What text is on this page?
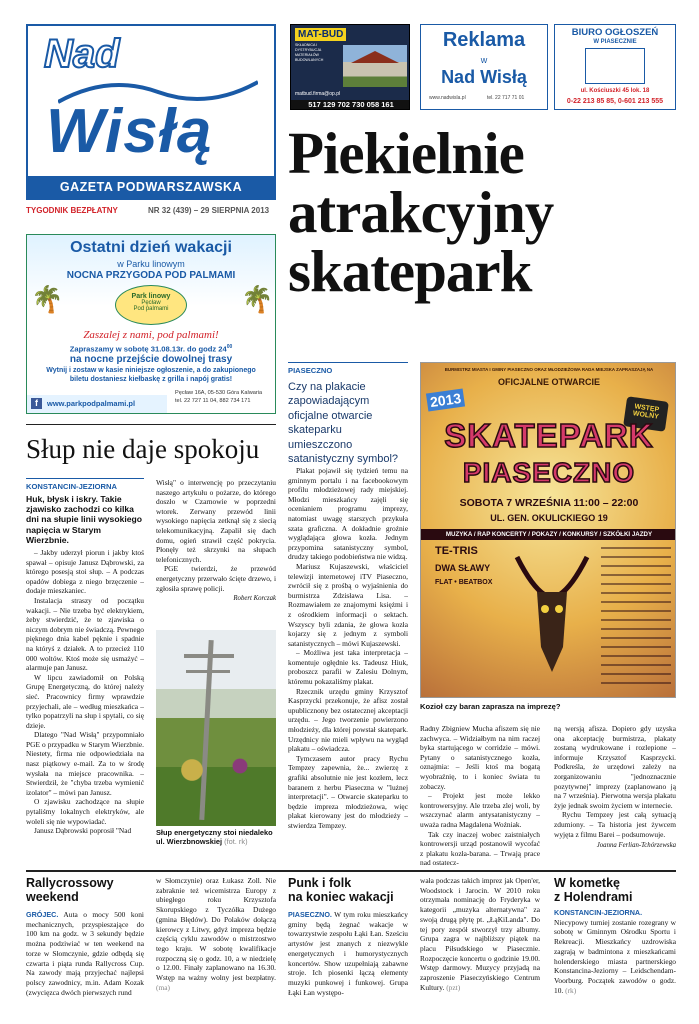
Nad
Wisłą
GAZETA PODWARSZAWSKA
TYGODNIK BEZPŁATNY	NR 32 (439) – 29 SIERPNIA 2013
MAT-BUD
SKŁADNICA I DYSTRYBUCJA MATERIAŁÓW BUDOWLANYCH
matbud.firma@op.pl
517 129 702 730 058 161
Reklama
w
Nad Wisłą
www.nadwisla.pl	tel. 22 717 71 01
BIURO OGŁOSZEŃ
W PIASECZNIE
ul. Kościuszki 45 lok. 18
0-22 213 85 85, 0-601 213 555
Piekielnie
atrakcyjny
skatepark
Ostatni dzień wakacji
w Parku linowym
NOCNA PRZYGODA POD PALMAMI
🌴	🌴
Park linowy
Pęcław
Pod palmami
Zaszalej z nami, pod palmami!
Zapraszamy w sobotę 31.08.13r. do godz $24^{00}$
na nocne przejście dowolnej trasy
Wytnij i zostaw w kasie niniejsze ogłoszenie, a do zakupionego
biletu dostaniesz kiełbaskę z grilla i napój gratis!
Pęcław 16A, 05-530 Góra Kalwaria
tel. 22 727 11 04, 882 734 171
f	www.parkpodpalmami.pl
Słup nie daje spokoju
KONSTANCIN-JEZIORNA
Huk, błysk i iskry. Takie zjawisko zachodzi co kilka dni na słupie linii wysokiego napięcia w Starym Wierzbnie.

– Jakby uderzył piorun i jakby ktoś spawał – opisuje Janusz Dąbrowski, za którego posesją stoi słup. – A podczas opadów dobiega z niego brzęczenie – dodaje mieszkaniec.

Instalacja straszy od początku wakacji. – Nie trzeba być elektrykiem, żeby stwierdzić, że te zjawiska o niczym dobrym nie świadczą. Pewnego pięknego dnia kabel pęknie i spadnie na któryś z działek. A to przecież 110 000 woltów. Ktoś może się usmażyć – alarmuje pan Janusz.

W lipcu zawiadomił on Polską Grupę Energetyczną, do której należy sieć. Pracownicy firmy wprawdzie przyjechali, ale – według mieszkańca – tylko popatrzyli na słup i spytali, co się dzieje.

Dlatego "Nad Wisłą" przypomniało PGE o przypadku w Starym Wierzbnie. Niestety, firma nie odpowiedziała na nasz piątkowy e-mail. Za to w środę wysłała na miejsce pracownika. – Stwierdził, że "chyba trzeba wymienić izolator" – mówi pan Janusz.

O zjawisku zachodzące na słupie pytaliśmy lokalnych elektryków, ale woleli się nie wypowiadać.

Janusz Dąbrowski poprosił "Nad

Wisłą" o interwencję po przeczytaniu naszego artykułu o pożarze, do którego doszło w Czarnowie w poprzedni wtorek. Zerwany przewód linii wysokiego napięcia zetknął się z siecią telekomunikacyjną. Zapalił się dach domu, ogień strawił część pokrycia. Płonęły też skrzynki na słupach telefonicznych.

PGE twierdzi, że przewód energetyczny przerwało ścięte drzewo, i zgłosiła sprawę policji.

Robert Korczak
Słup energetyczny stoi niedaleko ul. Wierzbnowskiej (fot. rk)
PIASECZNO
Czy na plakacie zapowiadającym oficjalne otwarcie skateparku umieszczono satanistyczny symbol?

Plakat pojawił się tydzień temu na gminnym portalu i na facebookowym profilu młodzieżowej rady miejskiej. Młodzi mieszkańcy zajęli się ocenianiem programu imprezy, natomiast uwagę starszych przykuła szata graficzna. A dokładnie groźnie wyglądająca głowa kozła. Jednym przypomina satanistyczny symbol, drudzy takiego podobieństwa nie widzą.

Mariusz Kujaszewski, właściciel telewizji internetowej iTV Piaseczno, zwrócił się z prośbą o wyjaśnienia do burmistrza Zdzisława Lisa. – Rozmawiałem ze znajomymi księżmi i z ośrodkiem informacji o sektach. Wszyscy byli zdania, że głowa kozła kojarzy się z jednym z symboli satanistycznych – mówi Kujaszewski.

– Możliwa jest taka interpretacja – komentuje ogłędnie ks. Tadeusz Hiuk, proboszcz parafii w Zalesiu Dolnym, któremu pokazaliśmy plakat.

Rzecznik urzędu gminy Krzysztof Kasprzycki przekonuje, że afisz został upublicznony bez ostatecznej akceptacji urzędu. – Jego tworzenie powierzono młodzieży, dla której powstał skatepark. Urzędnicy nie mieli wpływu na wygląd plakatu – oświadcza.

Tymczasem autor pracy Rychu Tempzey zapewnia, że... zwierzę z grafiki absolutnie nie jest kozłem, lecz baranem z herbu Piaseczna w "lużnej interpretacji". – Otwarcie skateparku to będzie impreza młodzieżowa, więc plakat kierowany jest do młodzieży – stwierdza Tempzey.

BURMISTRZ MIASTA I GMINY PIASECZNO ORAZ MŁODZIEŻOWA RADA MIEJSKA ZAPRASZAJĄ NA
OFICJALNE OTWARCIE
2013	WSTĘP WOLNY
SKATEPARK
PIASECZNO
SOBOTA 7 WRZEŚNIA 11:00 – 22:00
UL. GEN. OKULICKIEGO 19
MUZYKA / RAP KONCERTY / POKAZY / KONKURSY / SZKÓŁKI JAZDY
TE-TRIS
DWA SŁAWY
FLAT • BEATBOX
Kozioł czy baran zaprasza na imprezę?

Radny Zbigniew Mucha afiszem się nie zachwyca. – Widziałbym na nim raczej byka startującego w corridzie – mówi. Pytany o satanistycznego kozła, oznajmia: – Jeśli ktoś ma bogatą wyobraźnię, to i koniec świata tu zobaczy.

– Projekt jest może lekko kontrowersyjny. Ale trzeba zlej woli, by wszczynać alarm antysatanistyczny – uważa radna Magdalena Woźniak.

Tak czy inaczej wobec zaistniałych kontrowersji urząd postanowił wycofać z plakatu kozła-barana. – Trwają prace nad ostatecz-

ną wersją afisza. Dopiero gdy uzyska ona akceptację burmistrza, plakaty zostaną wydrukowane i rozlepione – informuje Krzysztof Kasprzycki. Podkreśla, że urzędowi zależy na zorganizowaniu "jednoznacznie pozytywnej" imprezy (zaplanowano ją na 7 września). Pierwotna wersja plakatu żyje jednak swoim życiem w internecie.

Rychu Tempzey jest całą sytuacją zdumiony. – Ta historia jest żywcem wyjęta z filmu Barei – podsumowuje.

Joanna Ferlian-Tchórzewska
Rallycrossowy
weekend
GRÓJEC. Auta o mocy 500 koni mechanicznych, przyspieszające do 100 km na godz. w 3 sekundy będzie można podziwiać w ten weekend na torze w Słomczynie, gdzie odbędą się czwarta i piąta runda Rallycross Cup. Na zawody mają przyjechać najlepsi polscy zawodnicy, m.in. Adam Kozak (zwycięzca dwóch pierwszych rund
w Słomczynie) oraz Łukasz Zoll. Nie zabraknie też wicemistrza Europy z ubiegłego roku Krzysztofa Skorupskiego z Tyczółka Dużego (gmina Błędów). Do Polaków dołączą kierowcy z Litwy, gdyż impreza będzie częścią cyklu zawodów o mistrzostwo tego kraju. W sobotę kwalifikacje rozpoczną się o godz. 10, a w niedzielę o 12.00. Finały zaplanowano na 16.30. Wstęp na ważny wolny jest bezpłatny. (ma)
Punk i folk
na koniec wakacji
PIASECZNO. W tym roku mieszkańcy gminy będą żegnać wakacje w towarzystwie zespołu Łąki Łan. Sześciu artystów jest znanych z niezwykle energetycznych i humorystycznych koncertów. Show uzupełniają zabawne stroje. Ich piosenki łączą elementy muzyki punkowej i funkowej. Grupa Łąki Łan występo-
wała podczas takich imprez jak Open'er, Woodstock i Jarocin. W 2010 roku otrzymała nominację do Fryderyka w kategorii „muzyka alternatywna" za swoją drugą płytę pt. „ŁąKiLanda". Do tej pory zespół stworzył trzy albumy. Grupa zagra w najbliższy piątek na placu Piłsudskiego w Piasecznie. Rozpoczęcie koncertu o godzinie 19.00. Wstęp darmowy. Muzycy przyjadą na zaproszenie Piaseczyńskiego Centrum Kultury. (pzt)
W kometkę
z Holendrami
KONSTANCIN-JEZIORNA. Niecypowy turniej zostanie rozegrany w sobotę w Gminnym Ośrodku Sportu i Rekreacji. Mieszkańcy uzdrowiska zagrają w badmintona z mieszkańcami holenderskiego miasta partnerskiego Konstancina-Jeziorny – Leidschendam-Voorburg. Początek zawodów o godz. 10. (rk)
